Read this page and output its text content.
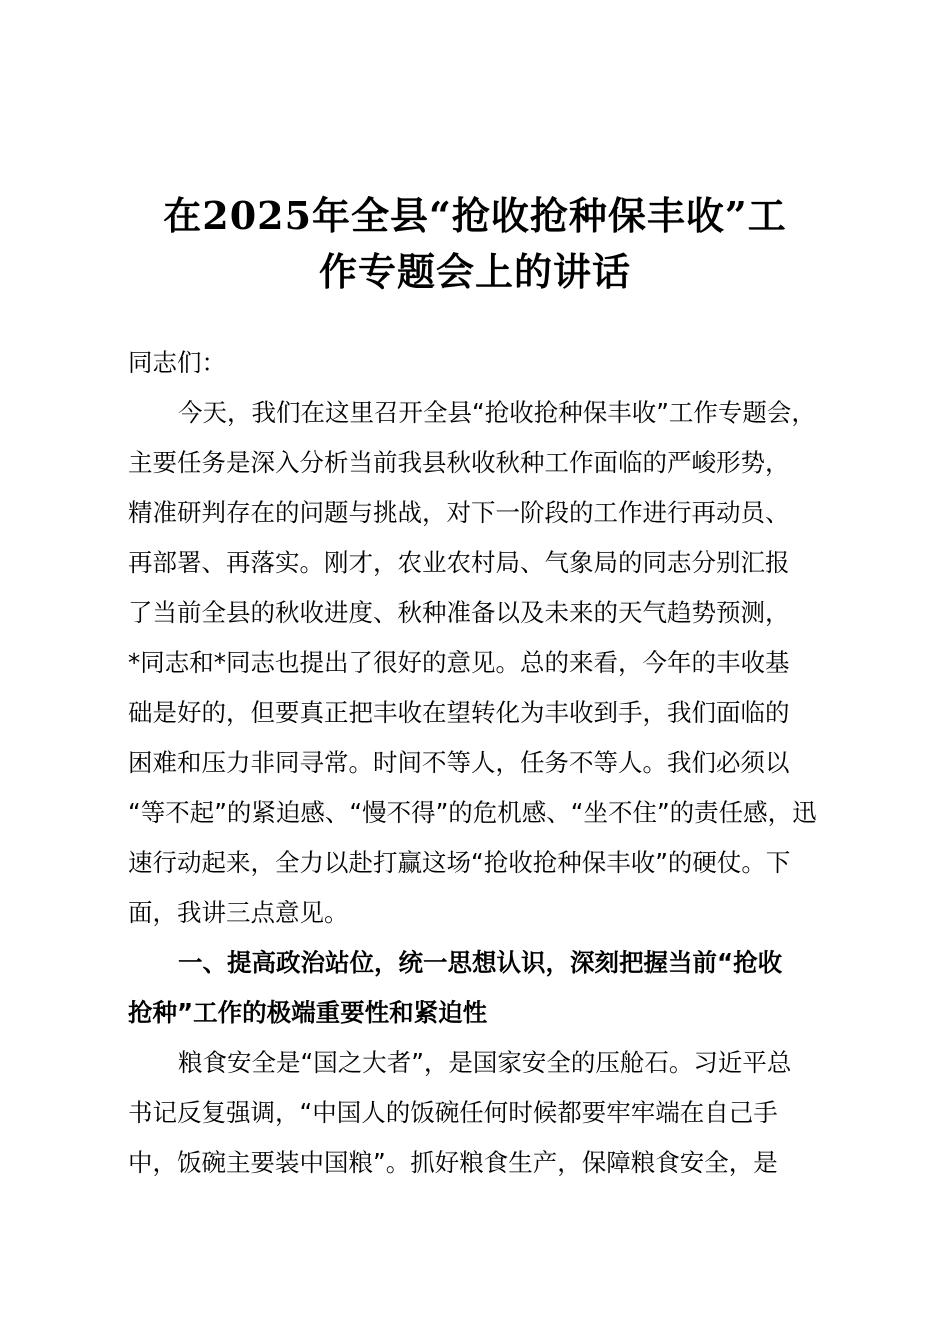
在2025年全县“抢收抢种保丰收”工
作专题会上的讲话
同志们：
今天，我们在这里召开全县“抢收抢种保丰收”工作专题会，
主要任务是深入分析当前我县秋收秋种工作面临的严峻形势，
精准研判存在的问题与挑战，对下一阶段的工作进行再动员、
再部署、再落实。刚才，农业农村局、气象局的同志分别汇报
了当前全县的秋收进度、秋种准备以及未来的天气趋势预测，
*同志和*同志也提出了很好的意见。总的来看，今年的丰收基
础是好的，但要真正把丰收在望转化为丰收到手，我们面临的
困难和压力非同寻常。时间不等人，任务不等人。我们必须以
“等不起”的紧迫感、“慢不得”的危机感、“坐不住”的责任感，迅
速行动起来，全力以赴打赢这场“抢收抢种保丰收”的硬仗。下
面，我讲三点意见。
一、提高政治站位，统一思想认识，深刻把握当前“抢收
抢种”工作的极端重要性和紧迫性
粮食安全是“国之大者”，是国家安全的压舱石。习近平总
书记反复强调，“中国人的饭碗任何时候都要牢牢端在自己手
中，饭碗主要装中国粮”。抓好粮食生产，保障粮食安全，是
